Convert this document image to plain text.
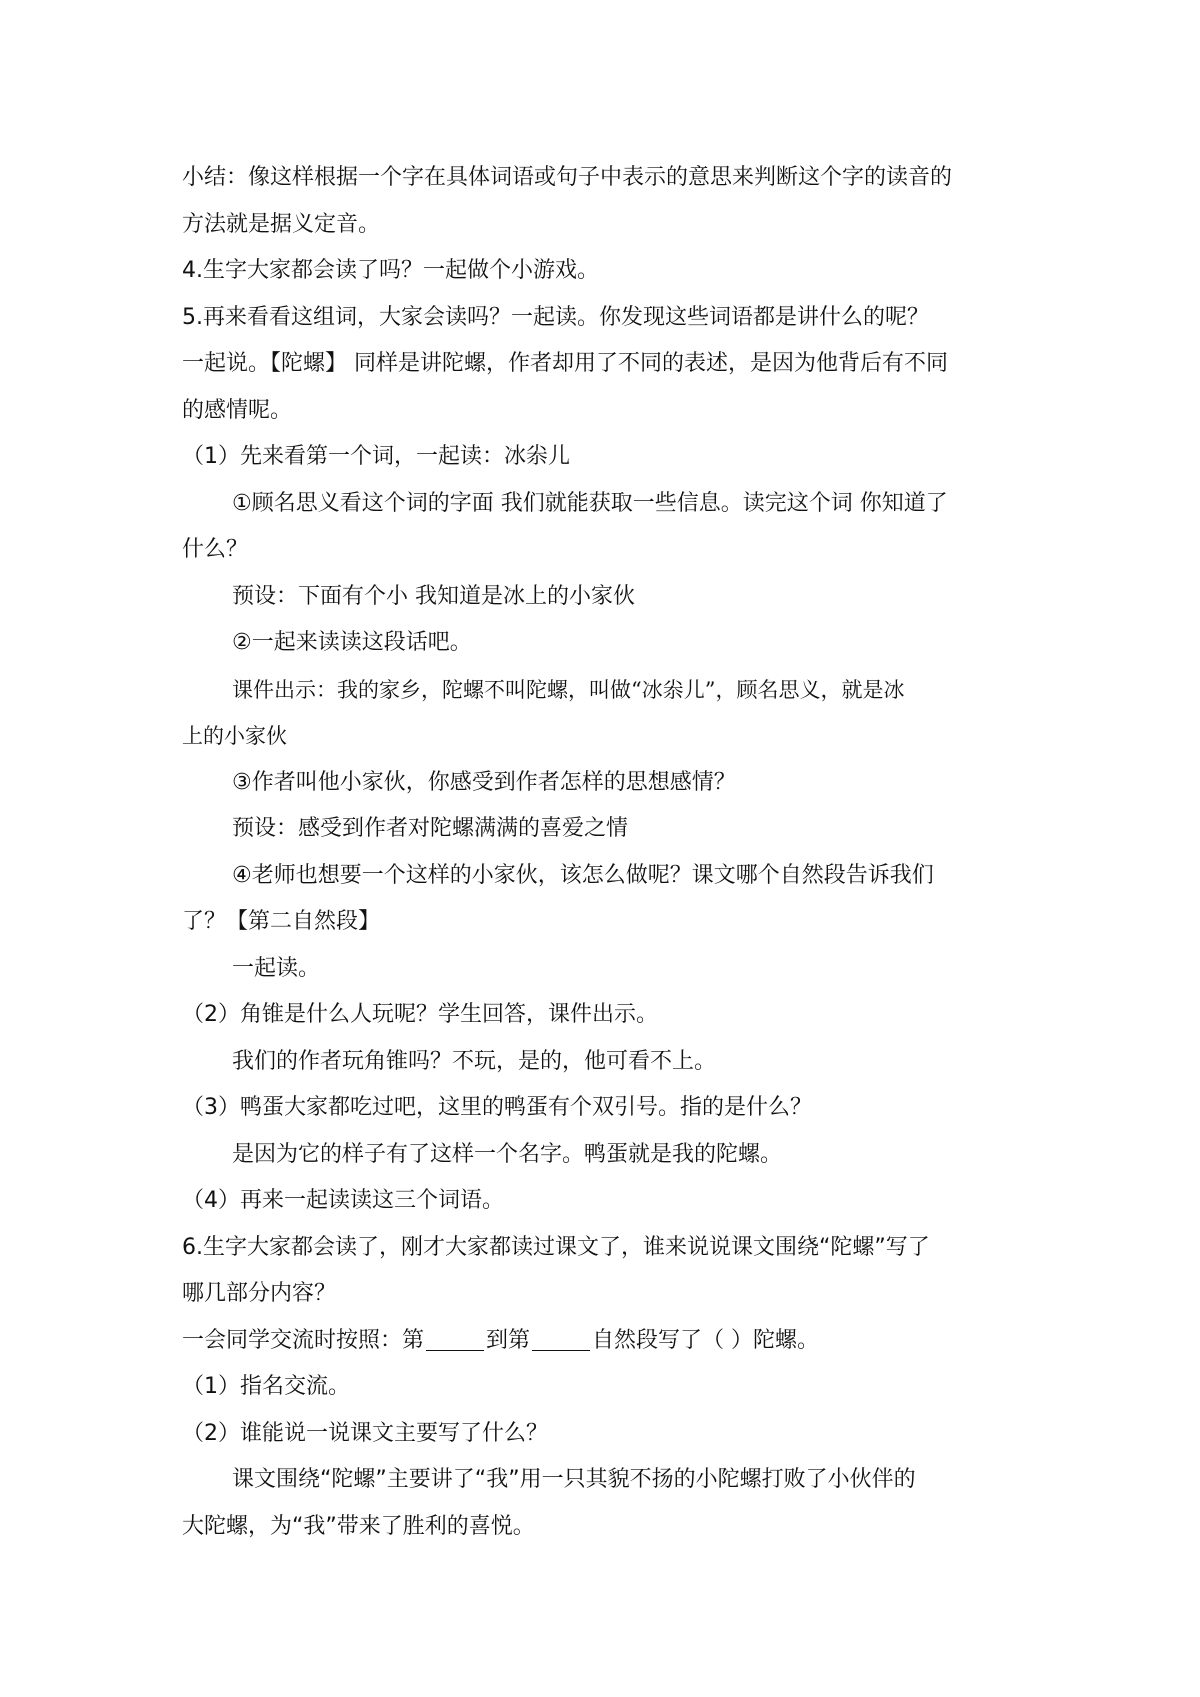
小结：像这样根据一个字在具体词语或句子中表示的意思来判断这个字的读音的
方法就是据义定音。
4.生字大家都会读了吗？一起做个小游戏。
5.再来看看这组词，大家会读吗？一起读。你发现这些词语都是讲什么的呢？
一起说。【陀螺】 同样是讲陀螺，作者却用了不同的表述，是因为他背后有不同
的感情呢。
（1）先来看第一个词，一起读：冰尜儿
①顾名思义看这个词的字面 我们就能获取一些信息。读完这个词 你知道了
什么？
预设：下面有个小 我知道是冰上的小家伙
②一起来读读这段话吧。
课件出示：我的家乡，陀螺不叫陀螺，叫做“冰尜儿”，顾名思义，就是冰
上的小家伙
③作者叫他小家伙，你感受到作者怎样的思想感情？
预设：感受到作者对陀螺满满的喜爱之情
④老师也想要一个这样的小家伙，该怎么做呢？课文哪个自然段告诉我们
了？【第二自然段】
一起读。
（2）角锥是什么人玩呢？学生回答，课件出示。
我们的作者玩角锥吗？不玩，是的，他可看不上。
（3）鸭蛋大家都吃过吧，这里的鸭蛋有个双引号。指的是什么？
是因为它的样子有了这样一个名字。鸭蛋就是我的陀螺。
（4）再来一起读读这三个词语。
6.生字大家都会读了，刚才大家都读过课文了，谁来说说课文围绕“陀螺”写了
哪几部分内容？
一会同学交流时按照：第	到第	自然段写了（ ）陀螺。
（1）指名交流。
（2）谁能说一说课文主要写了什么？
课文围绕“陀螺”主要讲了“我”用一只其貌不扬的小陀螺打败了小伙伴的
大陀螺，为“我”带来了胜利的喜悦。
